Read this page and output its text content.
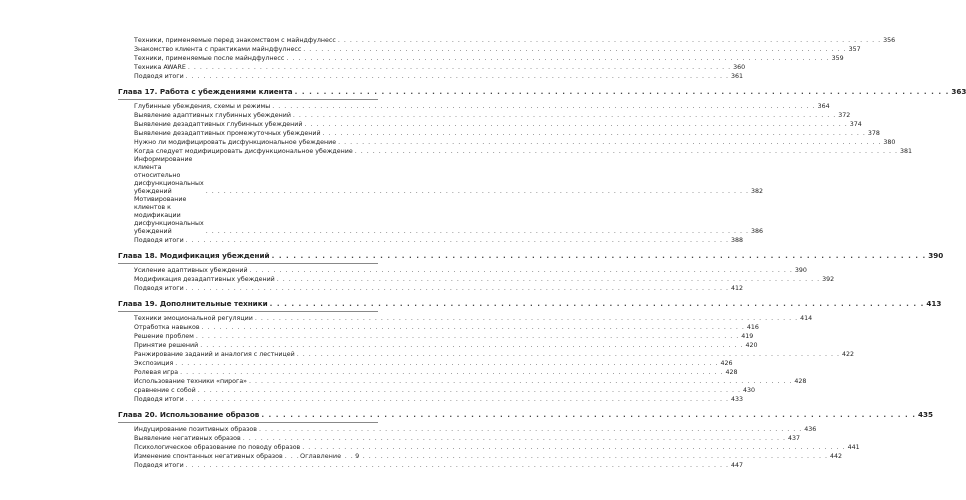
Техники, применяемые перед знакомством с майндфулнесс . . .	356
Знакомство клиента с практиками майндфулнесс . . .	357
Техники, применяемые после майндфулнесс . . .	359
Техника AWARE . . .	360
Подводя итоги . . .	361
Глава 17. Работа с убеждениями клиента . . .	363
Глубинные убеждения, схемы и режимы . . .	364
Выявление адаптивных глубинных убеждений . . .	372
Выявление дезадаптивных глубинных убеждений . . .	374
Выявление дезадаптивных промежуточных убеждений . . .	378
Нужно ли модифицировать дисфункциональное убеждение . . .	380
Когда следует модифицировать дисфункциональное убеждение . . .	381
Информирование клиента относительно дисфункциональных убеждений . . .	382
Мотивирование клиентов к модификации дисфункциональных убеждений . . .	386
Подводя итоги . . .	388
Глава 18. Модификация убеждений . . .	390
Усиление адаптивных убеждений . . .	390
Модификация дезадаптивных убеждений . . .	392
Подводя итоги . . .	412
Глава 19. Дополнительные техники . . .	413
Техники эмоциональной регуляции . . .	414
Отработка навыков . . .	416
Решение проблем . . .	419
Принятие решений . . .	420
Ранжирование заданий и аналогия с лестницей . . .	422
Экспозиция . . .	426
Ролевая игра . . .	428
Использование техники «пирога» . . .	428
сравнение с собой . . .	430
Подводя итоги . . .	433
Глава 20. Использование образов . . .	435
Индуцирование позитивных образов . . .	436
Выявление негативных образов . . .	437
Психологическое образование по поводу образов . . .	441
Изменение спонтанных негативных образов . . .	442
Подводя итоги . . .	447
Оглавление 9
